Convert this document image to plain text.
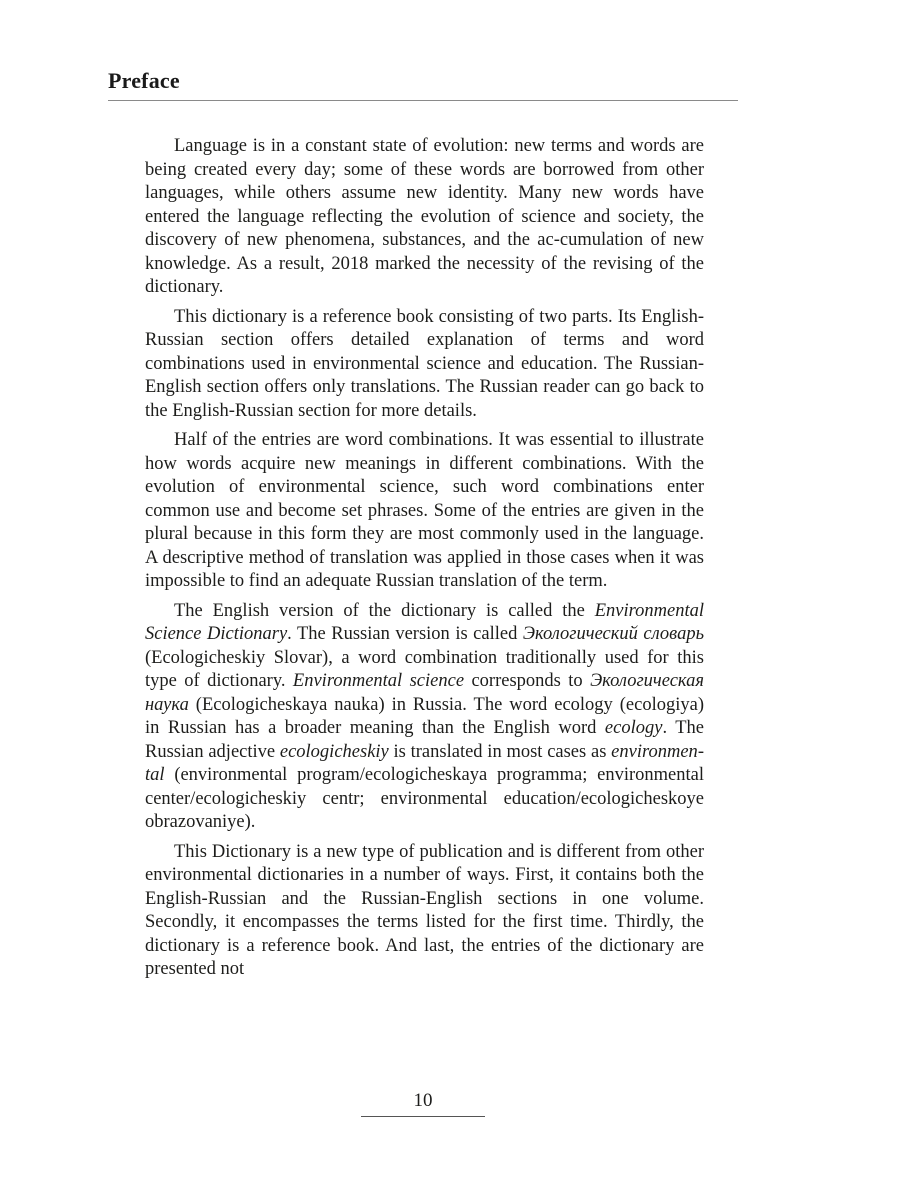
Preface

Language is in a constant state of evolution: new terms and words are being created every day; some of these words are borrowed from other languages, while others assume new identity. Many new words have entered the language reflecting the evolution of science and society, the discovery of new phenomena, substances, and the ac-cumulation of new knowledge. As a result, 2018 marked the necessity of the revising of the dictionary.

This dictionary is a reference book consisting of two parts. Its English-Russian section offers detailed explanation of terms and word combinations used in environmental science and education. The Russian-English section offers only translations. The Russian reader can go back to the English-Russian section for more details.

Half of the entries are word combinations. It was essential to illustrate how words acquire new meanings in different combinations. With the evolution of environmental science, such word combinations enter common use and become set phrases. Some of the entries are given in the plural because in this form they are most commonly used in the language. A descriptive method of translation was applied in those cases when it was impossible to find an adequate Russian translation of the term.

The English version of the dictionary is called the Environmental Science Dictionary. The Russian version is called Экологический словарь (Ecologicheskiy Slovar), a word combination traditionally used for this type of dictionary. Environmental science corresponds to Экологическая наука (Ecologicheskaya nauka) in Russia. The word ecology (ecologiya) in Russian has a broader meaning than the English word ecology. The Russian adjective ecologicheskiy is translated in most cases as environmental (environmental program/ecologicheskaya programma; environmental center/ecologicheskiy centr; environmental education/ecologicheskoye obrazovaniye).

This Dictionary is a new type of publication and is different from other environmental dictionaries in a number of ways. First, it contains both the English-Russian and the Russian-English sections in one volume. Secondly, it encompasses the terms listed for the first time. Thirdly, the dictionary is a reference book. And last, the entries of the dictionary are presented not

10
